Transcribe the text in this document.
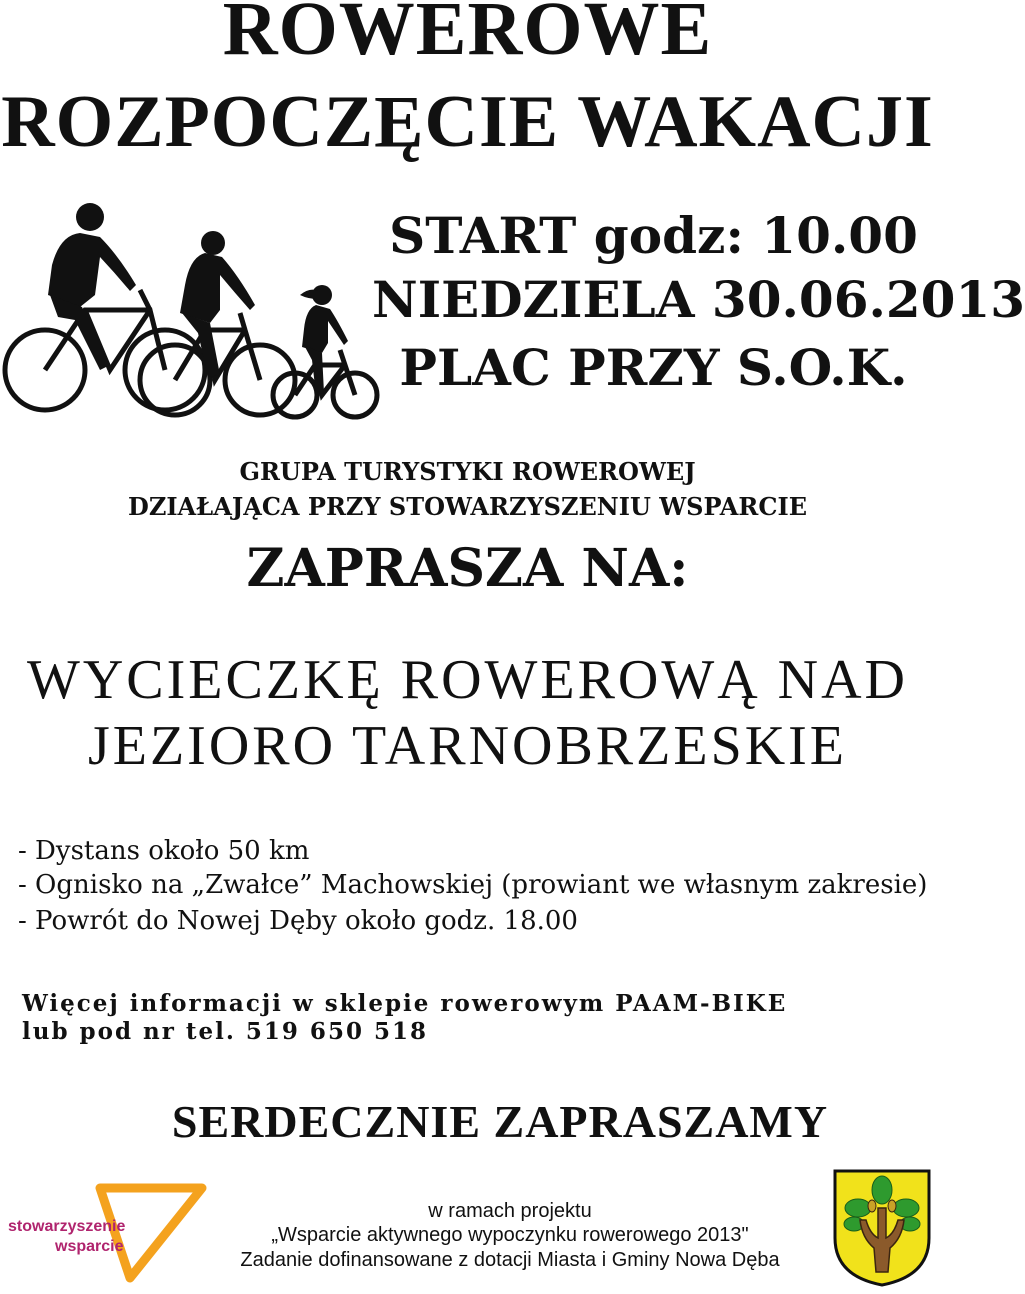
ROWEROWE
ROZPOCZĘCIE WAKACJI
START godz: 10.00
NIEDZIELA 30.06.2013
PLAC PRZY S.O.K.
GRUPA TURYSTYKI ROWEROWEJ
DZIAŁAJĄCA PRZY STOWARZYSZENIU WSPARCIE
ZAPRASZA NA:
WYCIECZKĘ ROWEROWĄ NAD
JEZIORO TARNOBRZESKIE
- Dystans około 50 km
- Ognisko na „Zwałce” Machowskiej (prowiant we własnym zakresie)
- Powrót do Nowej Dęby około godz. 18.00
Więcej informacji w sklepie rowerowym PAAM-BIKE
lub pod nr tel. 519 650 518
SERDECZNIE ZAPRASZAMY
stowarzyszenie
wsparcie
w ramach projektu
„Wsparcie aktywnego wypoczynku rowerowego 2013"
Zadanie dofinansowane z dotacji Miasta i Gminy Nowa Dęba
